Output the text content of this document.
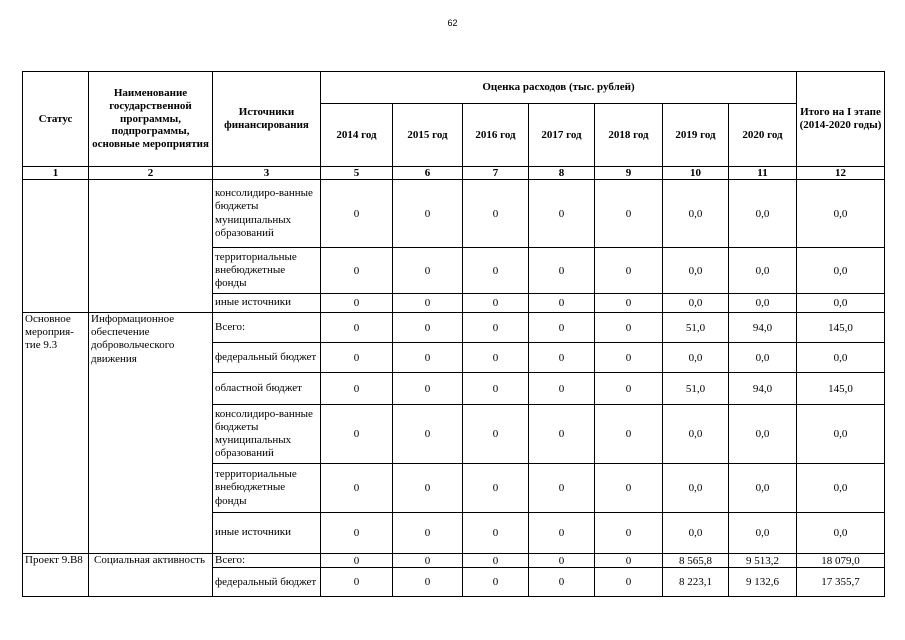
62
Статус	Наименование государственной программы, подпрограммы, основные мероприятия	Источники финансирования	Оценка расходов (тыс. рублей)							Итого на I этапе (2014-2020 годы)
			2014 год	2015 год	2016 год	2017 год	2018 год	2019 год	2020 год	
1	2	3	5	6	7	8	9	10	11	12
		консолидиро-ванные бюджеты муниципальных образований	0	0	0	0	0	0,0	0,0	0,0
		территориальные внебюджетные фонды	0	0	0	0	0	0,0	0,0	0,0
		иные источники	0	0	0	0	0	0,0	0,0	0,0
Основное мероприя-тие 9.3	Информационное обеспечение добровольческого движения	Всего:	0	0	0	0	0	51,0	94,0	145,0
		федеральный бюджет	0	0	0	0	0	0,0	0,0	0,0
		областной бюджет	0	0	0	0	0	51,0	94,0	145,0
		консолидиро-ванные бюджеты муниципальных образований	0	0	0	0	0	0,0	0,0	0,0
		территориальные внебюджетные фонды	0	0	0	0	0	0,0	0,0	0,0
		иные источники	0	0	0	0	0	0,0	0,0	0,0
Проект 9.В8	Социальная активность	Всего:	0	0	0	0	0	8 565,8	9 513,2	18 079,0
		федеральный бюджет	0	0	0	0	0	8 223,1	9 132,6	17 355,7
